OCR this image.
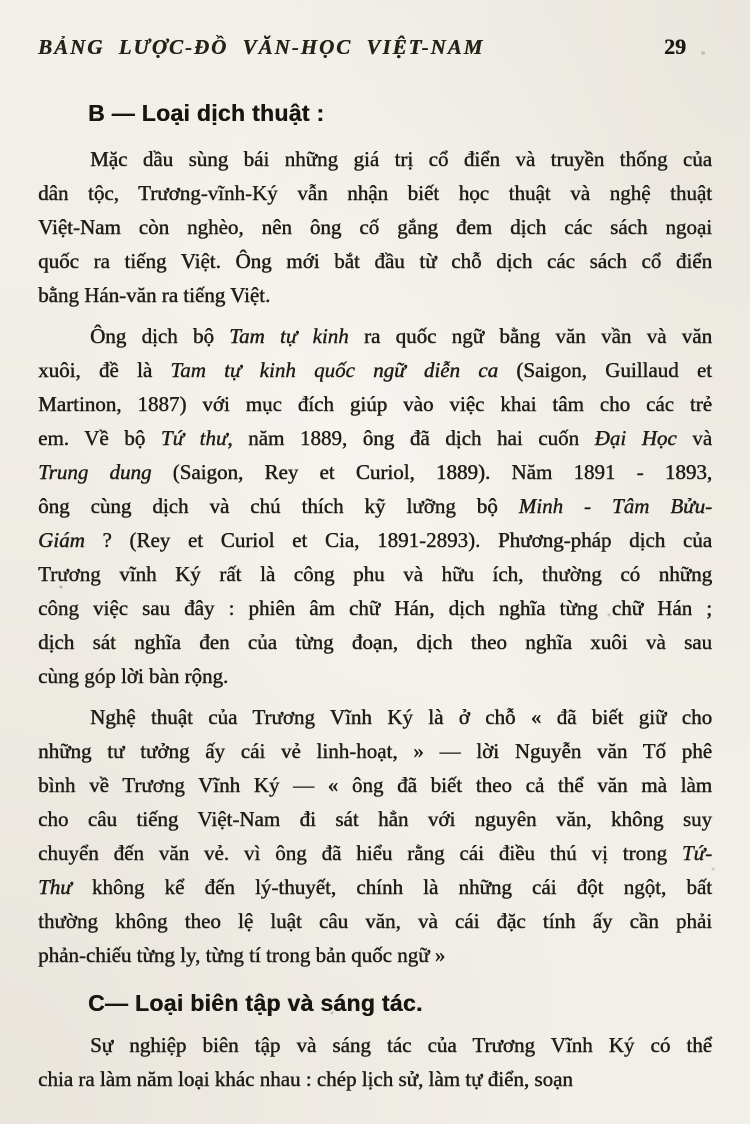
BẢNG LƯỢC-ĐỒ VĂN-HỌC VIỆT-NAM	29
B — Loại dịch thuật :
Mặc dầu sùng bái những giá trị cổ điển và truyền thống của
dân tộc, Trương-vĩnh-Ký vẫn nhận biết học thuật và nghệ thuật
Việt-Nam còn nghèo, nên ông cố gắng đem dịch các sách ngoại
quốc ra tiếng Việt. Ông mới bắt đầu từ chỗ dịch các sách cổ điển
bằng Hán-văn ra tiếng Việt.
Ông dịch bộ Tam tự kinh ra quốc ngữ bằng văn vần và văn
xuôi, đề là Tam tự kinh quốc ngữ diễn ca (Saigon, Guillaud et
Martinon, 1887) với mục đích giúp vào việc khai tâm cho các trẻ
em. Về bộ Tứ thư, năm 1889, ông đã dịch hai cuốn Đại Học và
Trung dung (Saigon, Rey et Curiol, 1889). Năm 1891 - 1893,
ông cùng dịch và chú thích kỹ lưỡng bộ Minh - Tâm Bửu-
Giám ? (Rey et Curiol et Cia, 1891-2893). Phương-pháp dịch của
Trương vĩnh Ký rất là công phu và hữu ích, thường có những
công việc sau đây : phiên âm chữ Hán, dịch nghĩa từng chữ Hán ;
dịch sát nghĩa đen của từng đoạn, dịch theo nghĩa xuôi và sau
cùng góp lời bàn rộng.
Nghệ thuật của Trương Vĩnh Ký là ở chỗ « đã biết giữ cho
những tư tưởng ấy cái vẻ linh-hoạt, » — lời Nguyễn văn Tố phê
bình về Trương Vĩnh Ký — « ông đã biết theo cả thể văn mà làm
cho câu tiếng Việt-Nam đi sát hẳn với nguyên văn, không suy
chuyển đến văn vẻ. vì ông đã hiểu rằng cái điều thú vị trong Tứ-
Thư không kể đến lý-thuyết, chính là những cái đột ngột, bất
thường không theo lệ luật câu văn, và cái đặc tính ấy cần phải
phản-chiếu từng ly, từng tí trong bản quốc ngữ »
C— Loại biên tập và sáng tác.
Sự nghiệp biên tập và sáng tác của Trương Vĩnh Ký có thể
chia ra làm năm loại khác nhau : chép lịch sử, làm tự điển, soạn
